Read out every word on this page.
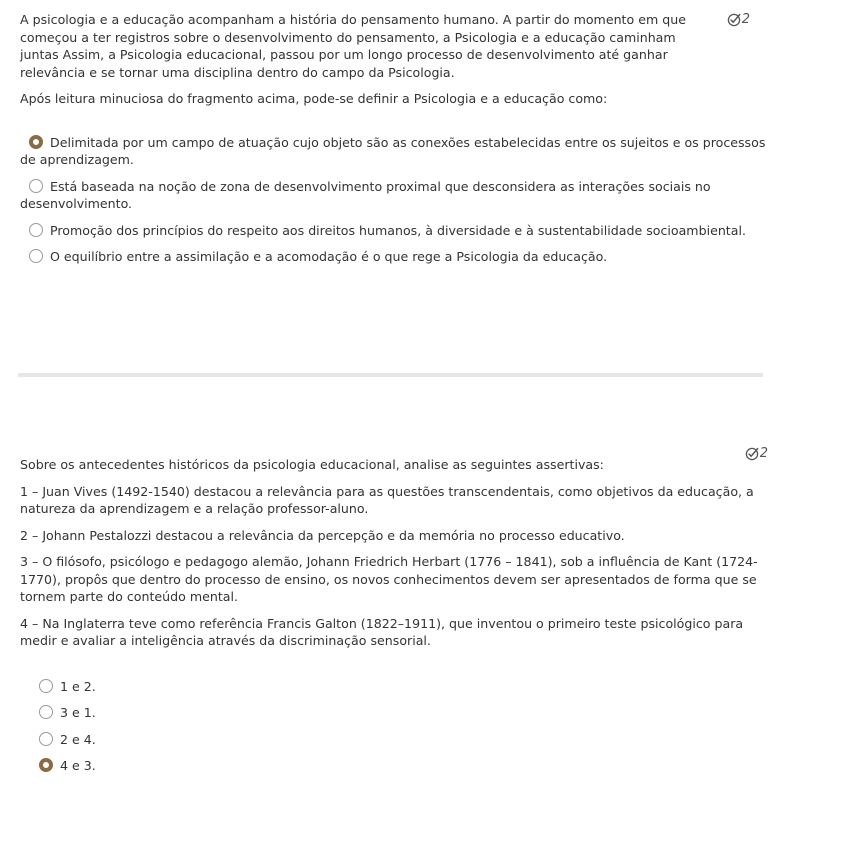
2

A psicologia e a educação acompanham a história do pensamento humano. A partir do momento em que começou a ter registros sobre o desenvolvimento do pensamento, a Psicologia e a educação caminham juntas Assim, a Psicologia educacional, passou por um longo processo de desenvolvimento até ganhar relevância e se tornar uma disciplina dentro do campo da Psicologia.

Após leitura minuciosa do fragmento acima, pode-se definir a Psicologia e a educação como:

Delimitada por um campo de atuação cujo objeto são as conexões estabelecidas entre os sujeitos e os processos de aprendizagem.
Está baseada na noção de zona de desenvolvimento proximal que desconsidera as interações sociais no desenvolvimento.
Promoção dos princípios do respeito aos direitos humanos, à diversidade e à sustentabilidade socioambiental.
O equilíbrio entre a assimilação e a acomodação é o que rege a Psicologia da educação.
2

Sobre os antecedentes históricos da psicologia educacional, analise as seguintes assertivas:

1 – Juan Vives (1492-1540) destacou a relevância para as questões transcendentais, como objetivos da educação, a natureza da aprendizagem e a relação professor-aluno.

2 – Johann Pestalozzi destacou a relevância da percepção e da memória no processo educativo.

3 – O filósofo, psicólogo e pedagogo alemão, Johann Friedrich Herbart (1776 – 1841), sob a influência de Kant (1724-1770), propôs que dentro do processo de ensino, os novos conhecimentos devem ser apresentados de forma que se tornem parte do conteúdo mental.

4 – Na Inglaterra teve como referência Francis Galton (1822–1911), que inventou o primeiro teste psicológico para medir e avaliar a inteligência através da discriminação sensorial.

1 e 2.
3 e 1.
2 e 4.
4 e 3.
